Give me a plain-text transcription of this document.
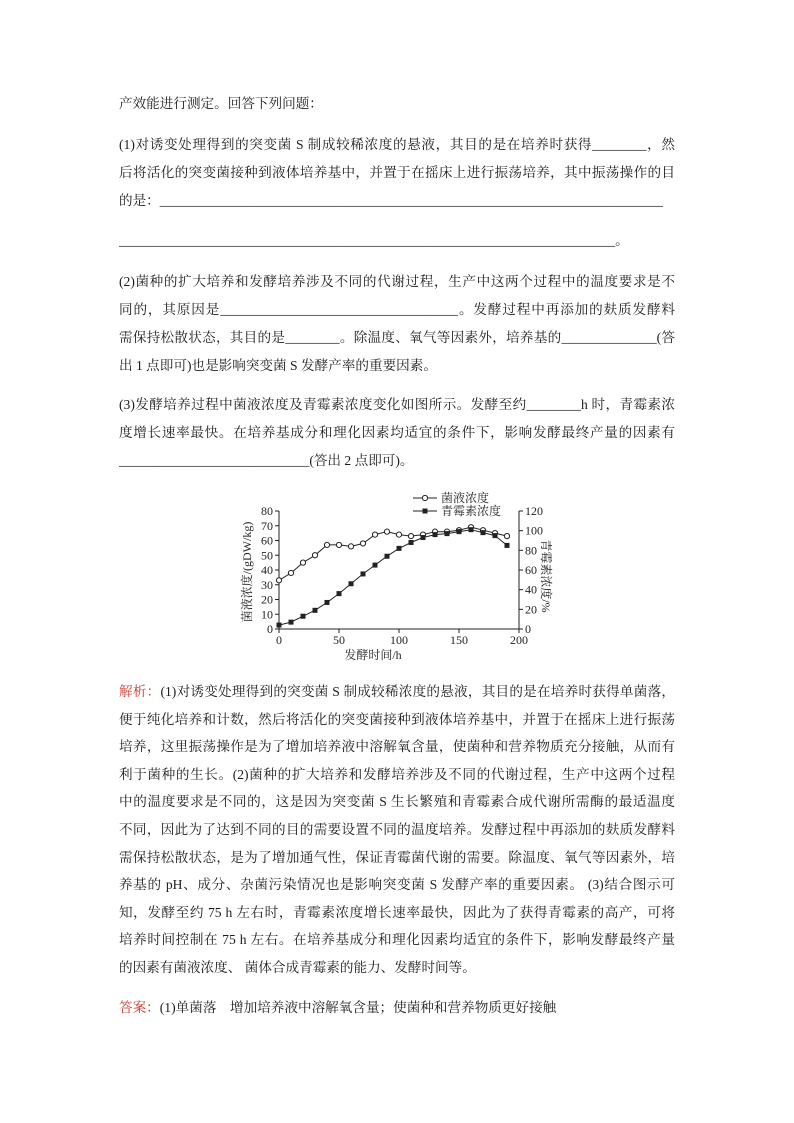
产效能进行测定。回答下列问题：
(1)对诱变处理得到的突变菌 S 制成较稀浓度的悬液，其目的是在培养时获得________，然
后将活化的突变菌接种到液体培养基中，并置于在摇床上进行振荡培养，其中振荡操作的目
的是：__________________________________________________________________________
_________________________________________________________________________。
(2)菌种的扩大培养和发酵培养涉及不同的代谢过程，生产中这两个过程中的温度要求是不
同的，其原因是___________________________________。发酵过程中再添加的麸质发酵料
需保持松散状态，其目的是________。除温度、氧气等因素外，培养基的______________(答
出 1 点即可)也是影响突变菌 S 发酵产率的重要因素。
(3)发酵培养过程中菌液浓度及青霉素浓度变化如图所示。发酵至约________h 时，青霉素浓
度增长速率最快。在培养基成分和理化因素均适宜的条件下，影响发酵最终产量的因素有
____________________________(答出 2 点即可)。
0
10
20
30
40
50
60
70
80
0
20
40
60
80
100
120
0	50	100	150	200
菌液浓度/(gDW/kg)	青霉素浓度/%
发酵时间/h
菌液浓度
青霉素浓度
解析：(1)对诱变处理得到的突变菌 S 制成较稀浓度的悬液，其目的是在培养时获得单菌落，
便于纯化培养和计数，然后将活化的突变菌接种到液体培养基中，并置于在摇床上进行振荡
培养，这里振荡操作是为了增加培养液中溶解氧含量，使菌种和营养物质充分接触，从而有
利于菌种的生长。(2)菌种的扩大培养和发酵培养涉及不同的代谢过程，生产中这两个过程
中的温度要求是不同的，这是因为突变菌 S 生长繁殖和青霉素合成代谢所需酶的最适温度
不同，因此为了达到不同的目的需要设置不同的温度培养。发酵过程中再添加的麸质发酵料
需保持松散状态，是为了增加通气性，保证青霉菌代谢的需要。除温度、氧气等因素外，培
养基的 pH、成分、杂菌污染情况也是影响突变菌 S 发酵产率的重要因素。 (3)结合图示可
知，发酵至约 75 h 左右时，青霉素浓度增长速率最快，因此为了获得青霉素的高产，可将
培养时间控制在 75 h 左右。在培养基成分和理化因素均适宜的条件下，影响发酵最终产量
的因素有菌液浓度、 菌体合成青霉素的能力、发酵时间等。
答案：(1)单菌落　增加培养液中溶解氧含量；使菌种和营养物质更好接触
